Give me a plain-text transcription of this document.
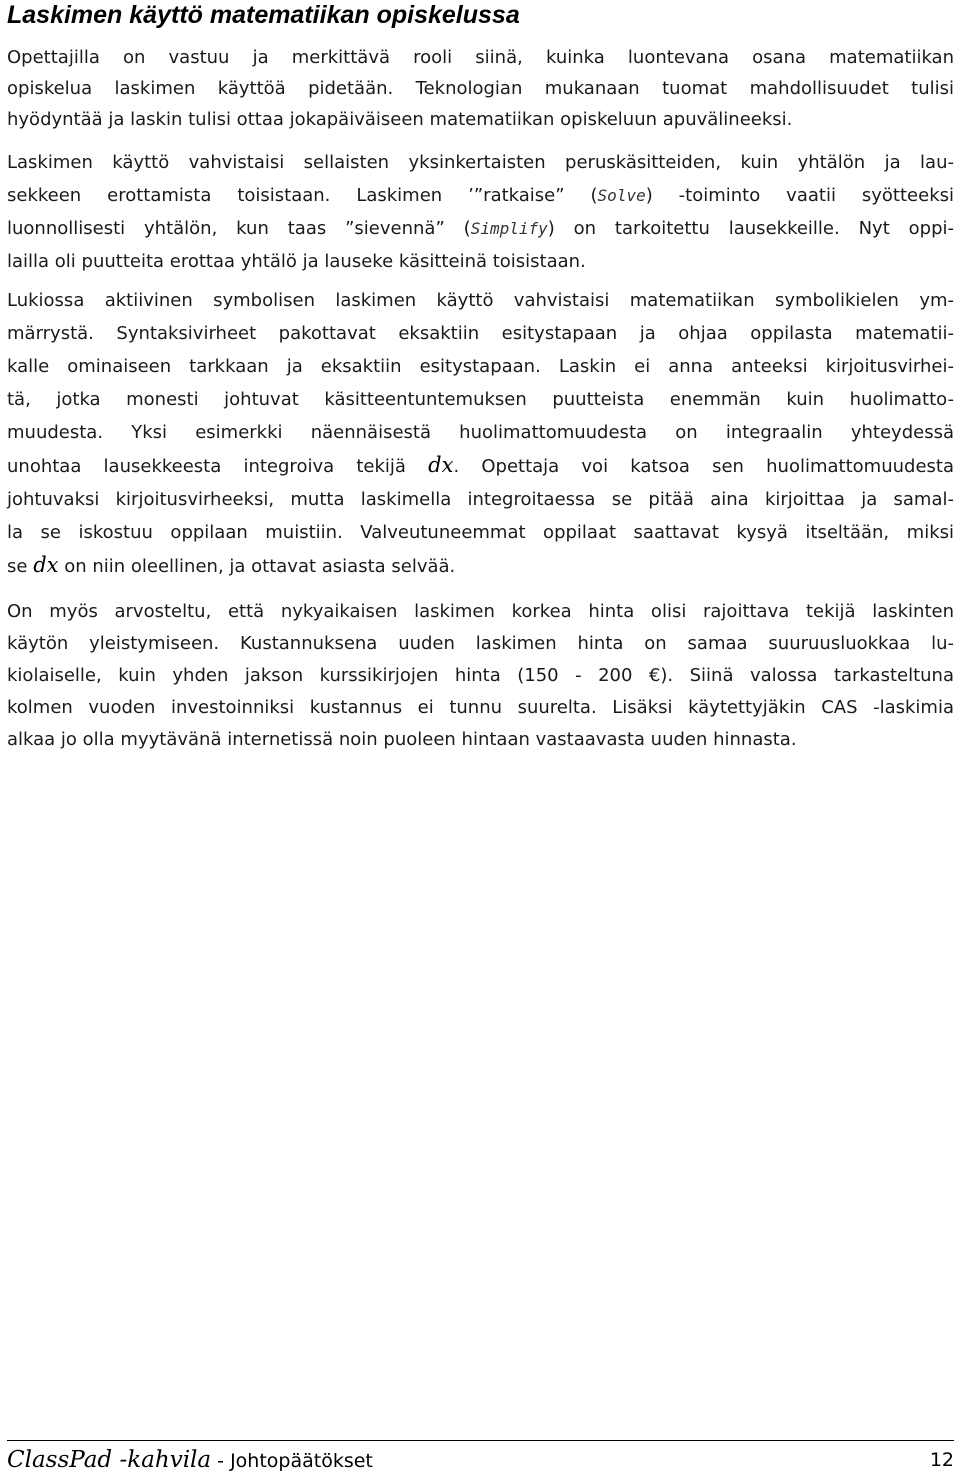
Laskimen käyttö matematiikan opiskelussa
Opettajilla on vastuu ja merkittävä rooli siinä, kuinka luontevana osana matematiikan
opiskelua laskimen käyttöä pidetään. Teknologian mukanaan tuomat mahdollisuudet tulisi
hyödyntää ja laskin tulisi ottaa jokapäiväiseen matematiikan opiskeluun apuvälineeksi.
Laskimen käyttö vahvistaisi sellaisten yksinkertaisten peruskäsitteiden, kuin yhtälön ja lau-
sekkeen erottamista toisistaan. Laskimen ’”ratkaise” (Solve) -toiminto vaatii syötteeksi
luonnollisesti yhtälön, kun taas ”sievennä” (Simplify) on tarkoitettu lausekkeille. Nyt oppi-
lailla oli puutteita erottaa yhtälö ja lauseke käsitteinä toisistaan.
Lukiossa aktiivinen symbolisen laskimen käyttö vahvistaisi matematiikan symbolikielen ym-
märrystä. Syntaksivirheet pakottavat eksaktiin esitystapaan ja ohjaa oppilasta matematii-
kalle ominaiseen tarkkaan ja eksaktiin esitystapaan. Laskin ei anna anteeksi kirjoitusvirhei-
tä, jotka monesti johtuvat käsitteentuntemuksen puutteista enemmän kuin huolimatto-
muudesta. Yksi esimerkki näennäisestä huolimattomuudesta on integraalin yhteydessä
unohtaa lausekkeesta integroiva tekijä dx. Opettaja voi katsoa sen huolimattomuudesta
johtuvaksi kirjoitusvirheeksi, mutta laskimella integroitaessa se pitää aina kirjoittaa ja samal-
la se iskostuu oppilaan muistiin. Valveutuneemmat oppilaat saattavat kysyä itseltään, miksi
se dx on niin oleellinen, ja ottavat asiasta selvää.
On myös arvosteltu, että nykyaikaisen laskimen korkea hinta olisi rajoittava tekijä laskinten
käytön yleistymiseen. Kustannuksena uuden laskimen hinta on samaa suuruusluokkaa lu-
kiolaiselle, kuin yhden jakson kurssikirjojen hinta (150 - 200 €). Siinä valossa tarkasteltuna
kolmen vuoden investoinniksi kustannus ei tunnu suurelta. Lisäksi käytettyjäkin CAS -laskimia
alkaa jo olla myytävänä internetissä noin puoleen hintaan vastaavasta uuden hinnasta.
ClassPad -kahvila - Johtopäätökset	12
